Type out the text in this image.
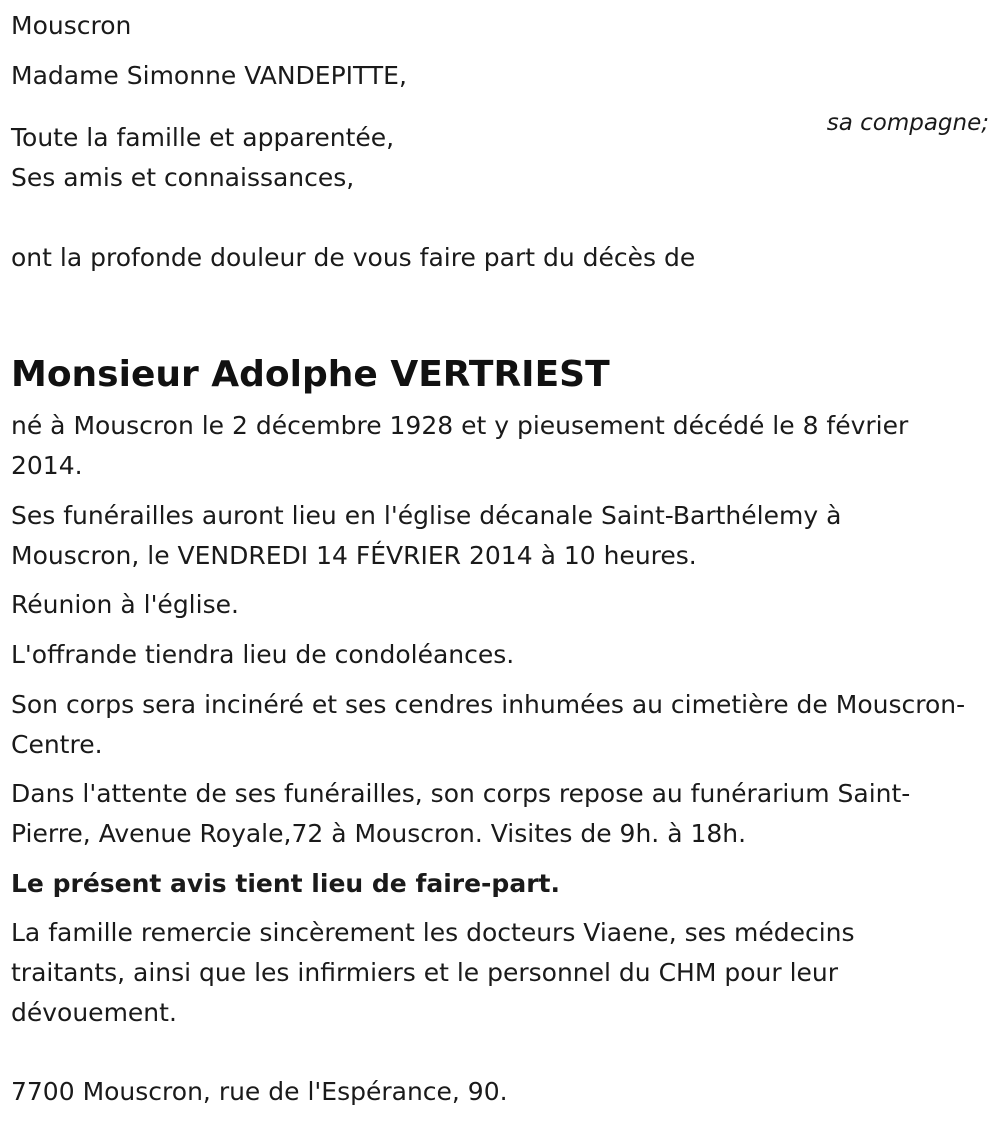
Mouscron

Madame Simonne VANDEPITTE,

sa compagne;

Toute la famille et apparentée,

Ses amis et connaissances,

ont la profonde douleur de vous faire part du décès de

Monsieur Adolphe VERTRIEST

né à Mouscron le 2 décembre 1928 et y pieusement décédé le 8 février 2014.

Ses funérailles auront lieu en l'église décanale Saint-Barthélemy à Mouscron, le VENDREDI 14 FÉVRIER 2014 à 10 heures.

Réunion à l'église.

L'offrande tiendra lieu de condoléances.

Son corps sera incinéré et ses cendres inhumées au cimetière de Mouscron-Centre.

Dans l'attente de ses funérailles, son corps repose au funérarium Saint-Pierre, Avenue Royale,72 à Mouscron. Visites de 9h. à 18h.

Le présent avis tient lieu de faire-part.

La famille remercie sincèrement les docteurs Viaene, ses médecins traitants, ainsi que les infirmiers et le personnel du CHM pour leur dévouement.

7700 Mouscron, rue de l'Espérance, 90.
